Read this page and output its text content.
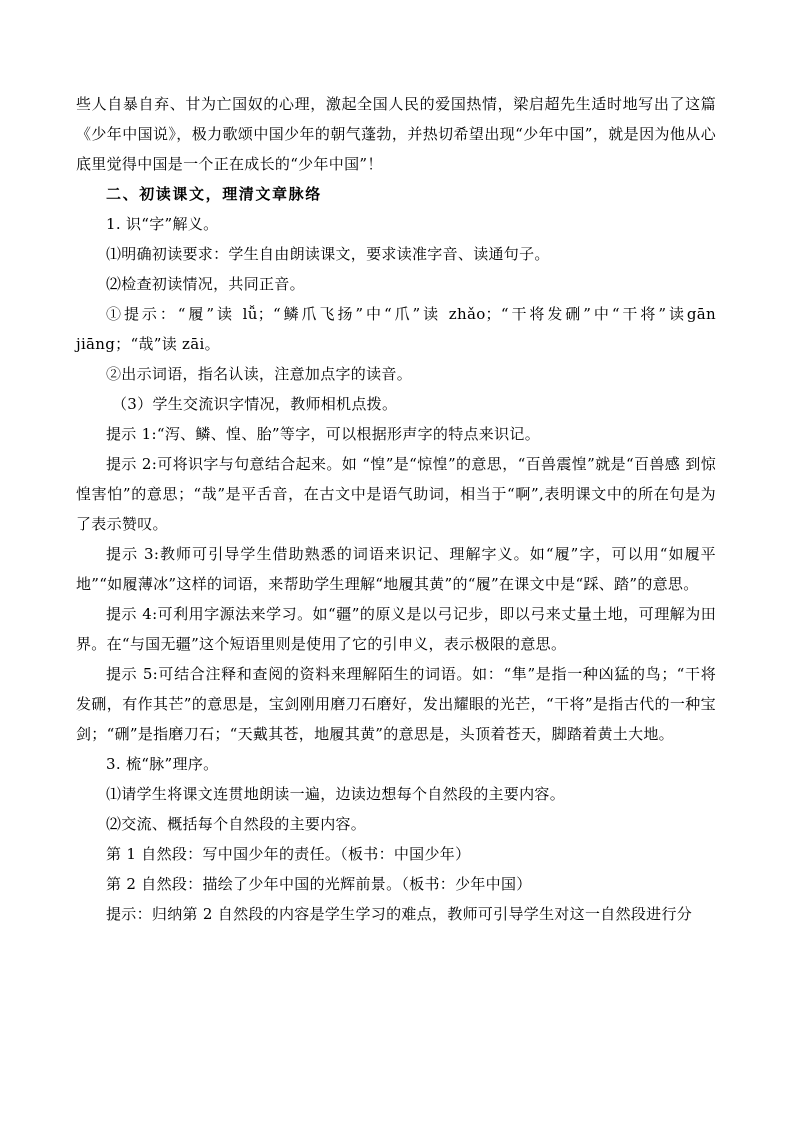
些人自暴自弃、甘为亡国奴的心理，激起全国人民的爱国热情，梁启超先生适时地写出了这篇《少年中国说》，极力歌颂中国少年的朝气蓬勃，并热切希望出现“少年中国”，就是因为他从心底里觉得中国是一个正在成长的“少年中国”！

二、初读课文，理清文章脉络

1. 识“字”解义。

⑴明确初读要求：学生自由朗读课文，要求读准字音、读通句子。

⑵检查初读情况，共同正音。

①提示：“履”读 lǚ；“鳞爪飞扬”中“爪”读 zhǎo；“干将发硎”中“干将”读gān jiāng；“哉”读 zāi。

②出示词语，指名认读，注意加点字的读音。

（3）学生交流识字情况，教师相机点拨。

提示 1:“泻、鳞、惶、胎”等字，可以根据形声字的特点来识记。

提示 2:可将识字与句意结合起来。如 “惶”是“惊惶”的意思，“百兽震惶”就是“百兽感 到惊惶害怕”的意思；“哉”是平舌音，在古文中是语气助词，相当于“啊”,表明课文中的所在句是为了表示赞叹。

提示 3:教师可引导学生借助熟悉的词语来识记、理解字义。如“履”字，可以用“如履平地”“如履薄冰”这样的词语，来帮助学生理解“地履其黄”的“履”在课文中是“踩、踏”的意思。

提示 4:可利用字源法来学习。如“疆”的原义是以弓记步，即以弓来丈量土地，可理解为田界。在“与国无疆”这个短语里则是使用了它的引申义，表示极限的意思。

提示 5:可结合注释和查阅的资料来理解陌生的词语。如：“隼”是指一种凶猛的鸟；“干将发硎，有作其芒”的意思是，宝剑刚用磨刀石磨好，发出耀眼的光芒，“干将”是指古代的一种宝剑；“硎”是指磨刀石；“天戴其苍，地履其黄”的意思是，头顶着苍天，脚踏着黄土大地。

3. 梳“脉”理序。

⑴请学生将课文连贯地朗读一遍，边读边想每个自然段的主要内容。

⑵交流、概括每个自然段的主要内容。

第 1 自然段：写中国少年的责任。（板书：中国少年）

第 2 自然段：描绘了少年中国的光辉前景。（板书：少年中国）

提示：归纳第 2 自然段的内容是学生学习的难点，教师可引导学生对这一自然段进行分
